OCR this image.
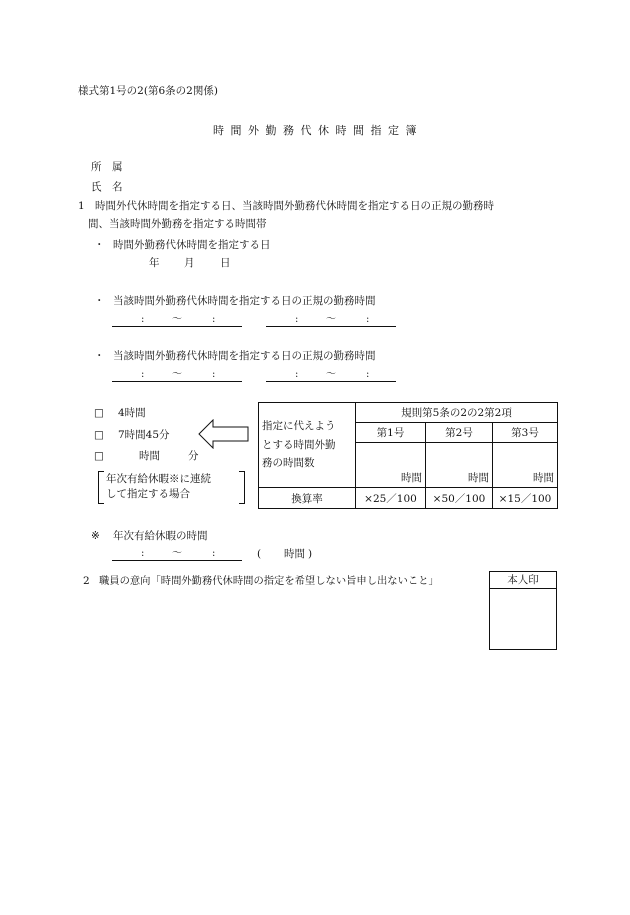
様式第1号の2(第6条の2関係)
時間外勤務代休時間指定簿
所　属
氏　名
1 時間外代休時間を指定する日、当該時間外勤務代休時間を指定する日の正規の勤務時
間、当該時間外勤務を指定する時間帯
・ 時間外勤務代休時間を指定する日
年 月 日
・ 当該時間外勤務代休時間を指定する日の正規の勤務時間
:	〜	:	:	〜	:
・ 当該時間外勤務代休時間を指定する日の正規の勤務時間
:	〜	:	:	〜	:
□ 4時間
□ 7時間45分
□	時間	分
年次有給休暇※に連続
して指定する場合
指定に代えよう
とする時間外勤
務の時間数	規則第5条の2の2第2項		
	第1号	第2号	第3号
	時間	時間	時間
換算率	×25／100	×50／100	×15／100
※ 年次有給休暇の時間
:	〜	:	( 時間 )
2 職員の意向「時間外勤務代休時間の指定を希望しない旨申し出ないこと」	本人印
